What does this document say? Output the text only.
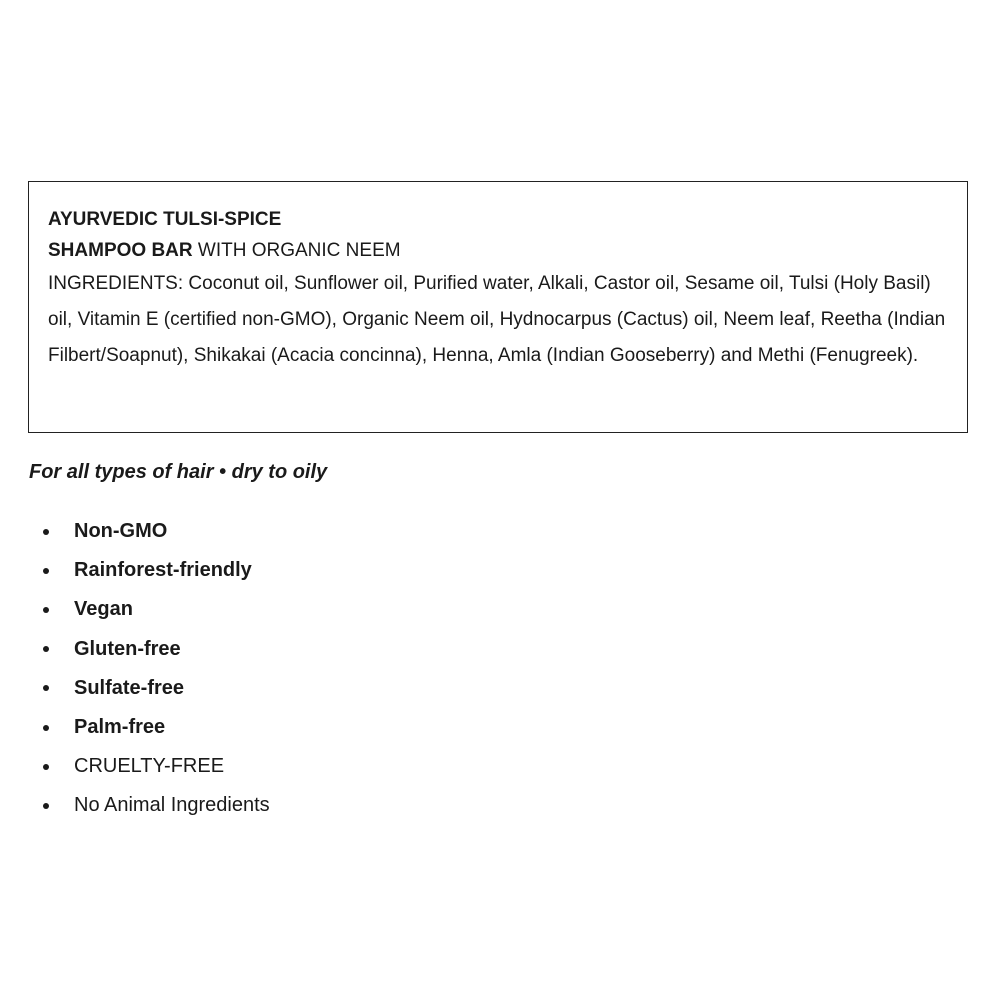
AYURVEDIC TULSI-SPICE

SHAMPOO BAR WITH ORGANIC NEEM

INGREDIENTS: Coconut oil, Sunflower oil, Purified water, Alkali, Castor oil, Sesame oil, Tulsi (Holy Basil) oil, Vitamin E (certified non-GMO), Organic Neem oil, Hydnocarpus (Cactus) oil, Neem leaf, Reetha (Indian Filbert/Soapnut), Shikakai (Acacia concinna), Henna, Amla (Indian Gooseberry) and Methi (Fenugreek).

For all types of hair • dry to oily

Non-GMO
Rainforest-friendly
Vegan
Gluten-free
Sulfate-free
Palm-free
CRUELTY-FREE
No Animal Ingredients
